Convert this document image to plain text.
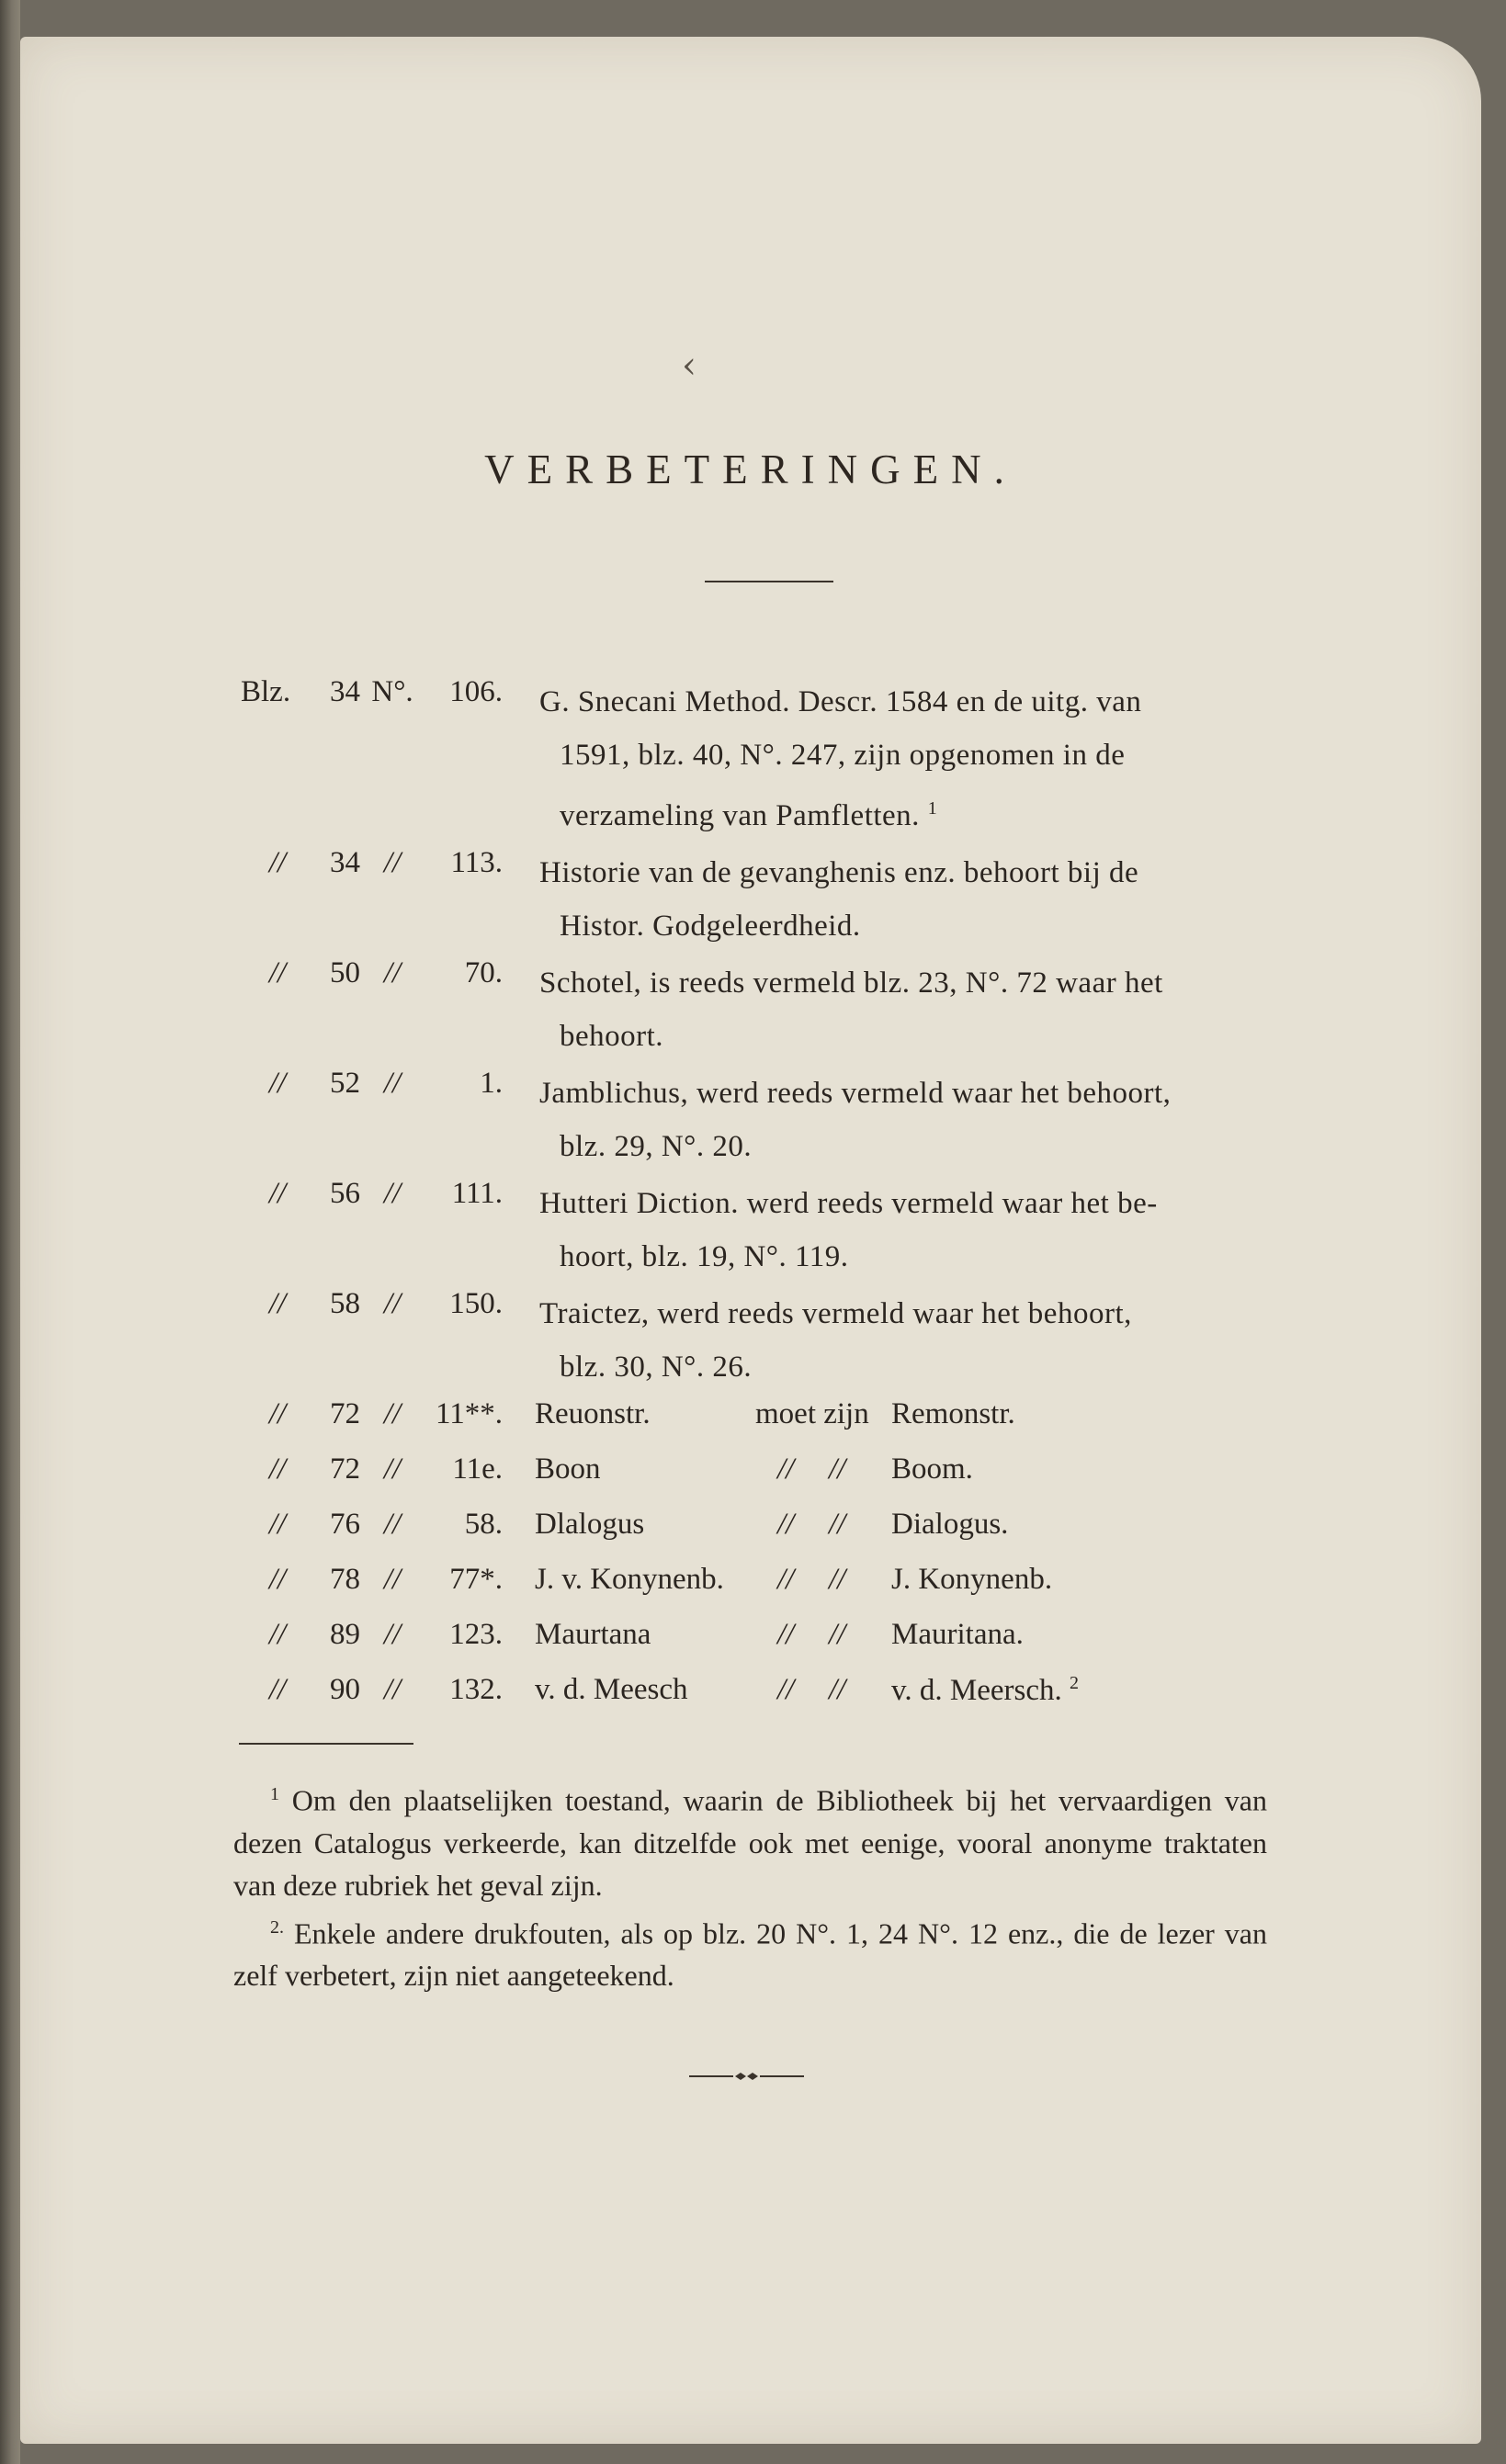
‹
VERBETERINGEN.
Blz. 34 N°. 106.	G. Snecani Method. Descr. 1584 en de uitg. van
1591, blz. 40, N°. 247, zijn opgenomen in de
verzameling van Pamfletten. $^1$
// 34 // 113.	Historie van de gevanghenis enz. behoort bij de
Histor. Godgeleerdheid.
// 50 // 70.	Schotel, is reeds vermeld blz. 23, N°. 72 waar het
behoort.
// 52 //	1.	Jamblichus, werd reeds vermeld waar het behoort,
blz. 29, N°. 20.
// 56 // 111.	Hutteri Diction. werd reeds vermeld waar het be-
hoort, blz. 19, N°. 119.
// 58 // 150.	Traictez, werd reeds vermeld waar het behoort,
blz. 30, N°. 26.
// 72 // 11**.	Reuonstr.	moet zijn Remonstr.
// 72 // 11e.	Boon	// // Boom.
// 76 // 58.	Dlalogus	// // Dialogus.
// 78 // 77*.	J. v. Konynenb. // // J. Konynenb.
// 89 // 123.	Maurtana	// // Mauritana.
// 90 // 132.	v. d. Meesch	// // v. d. Meersch. $^2$

$^1$ Om den plaatselijken toestand, waarin de Bibliotheek bij het vervaardigen van dezen Catalogus verkeerde, kan ditzelfde ook met eenige, vooral anonyme traktaten van deze rubriek het geval zijn.

$^{2.}$ Enkele andere drukfouten, als op blz. 20 N°. 1, 24 N°. 12 enz., die de lezer van zelf verbetert, zijn niet aangeteekend.
